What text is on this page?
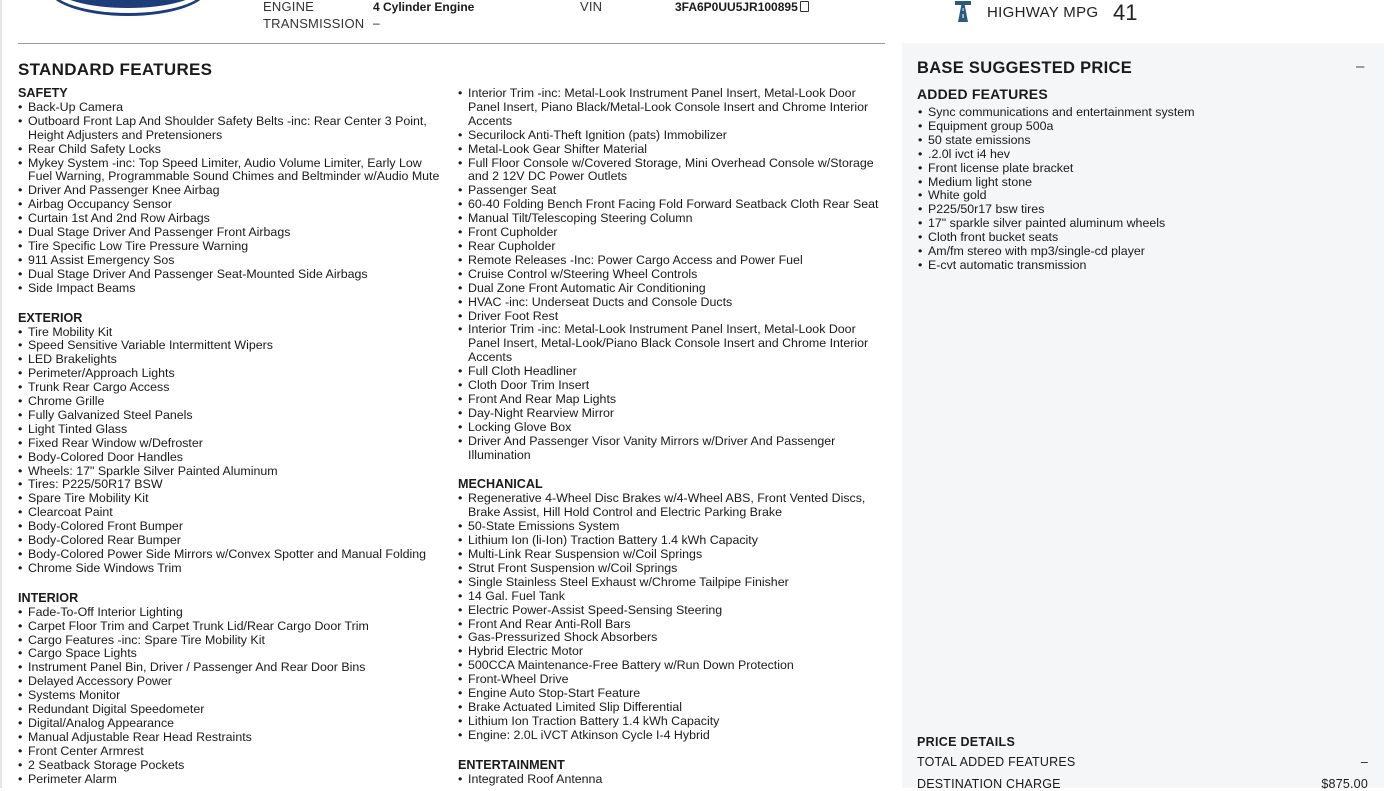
ENGINE	4 Cylinder Engine
TRANSMISSION –
VIN	3FA6P0UU5JR100895	HIGHWAY MPG 41
STANDARD FEATURES
SAFETY
• Back-Up Camera
• Outboard Front Lap And Shoulder Safety Belts -inc: Rear Center 3 Point, Height Adjusters and Pretensioners
• Rear Child Safety Locks
• Mykey System -inc: Top Speed Limiter, Audio Volume Limiter, Early Low Fuel Warning, Programmable Sound Chimes and Beltminder w/Audio Mute
• Driver And Passenger Knee Airbag
• Airbag Occupancy Sensor
• Curtain 1st And 2nd Row Airbags
• Dual Stage Driver And Passenger Front Airbags
• Tire Specific Low Tire Pressure Warning
• 911 Assist Emergency Sos
• Dual Stage Driver And Passenger Seat-Mounted Side Airbags
• Side Impact Beams
EXTERIOR
• Tire Mobility Kit
• Speed Sensitive Variable Intermittent Wipers
• LED Brakelights
• Perimeter/Approach Lights
• Trunk Rear Cargo Access
• Chrome Grille
• Fully Galvanized Steel Panels
• Light Tinted Glass
• Fixed Rear Window w/Defroster
• Body-Colored Door Handles
• Wheels: 17" Sparkle Silver Painted Aluminum
• Tires: P225/50R17 BSW
• Spare Tire Mobility Kit
• Clearcoat Paint
• Body-Colored Front Bumper
• Body-Colored Rear Bumper
• Body-Colored Power Side Mirrors w/Convex Spotter and Manual Folding
• Chrome Side Windows Trim
INTERIOR
• Fade-To-Off Interior Lighting
• Carpet Floor Trim and Carpet Trunk Lid/Rear Cargo Door Trim
• Cargo Features -inc: Spare Tire Mobility Kit
• Cargo Space Lights
• Instrument Panel Bin, Driver / Passenger And Rear Door Bins
• Delayed Accessory Power
• Systems Monitor
• Redundant Digital Speedometer
• Digital/Analog Appearance
• Manual Adjustable Rear Head Restraints
• Front Center Armrest
• 2 Seatback Storage Pockets
• Perimeter Alarm
• Interior Trim -inc: Metal-Look Instrument Panel Insert, Metal-Look Door Panel Insert, Piano Black/Metal-Look Console Insert and Chrome Interior Accents
• Securilock Anti-Theft Ignition (pats) Immobilizer
• Metal-Look Gear Shifter Material
• Full Floor Console w/Covered Storage, Mini Overhead Console w/Storage and 2 12V DC Power Outlets
• Passenger Seat
• 60-40 Folding Bench Front Facing Fold Forward Seatback Cloth Rear Seat
• Manual Tilt/Telescoping Steering Column
• Front Cupholder
• Rear Cupholder
• Remote Releases -Inc: Power Cargo Access and Power Fuel
• Cruise Control w/Steering Wheel Controls
• Dual Zone Front Automatic Air Conditioning
• HVAC -inc: Underseat Ducts and Console Ducts
• Driver Foot Rest
• Interior Trim -inc: Metal-Look Instrument Panel Insert, Metal-Look Door Panel Insert, Metal-Look/Piano Black Console Insert and Chrome Interior Accents
• Full Cloth Headliner
• Cloth Door Trim Insert
• Front And Rear Map Lights
• Day-Night Rearview Mirror
• Locking Glove Box
• Driver And Passenger Visor Vanity Mirrors w/Driver And Passenger Illumination
MECHANICAL
• Regenerative 4-Wheel Disc Brakes w/4-Wheel ABS, Front Vented Discs, Brake Assist, Hill Hold Control and Electric Parking Brake
• 50-State Emissions System
• Lithium Ion (li-Ion) Traction Battery 1.4 kWh Capacity
• Multi-Link Rear Suspension w/Coil Springs
• Strut Front Suspension w/Coil Springs
• Single Stainless Steel Exhaust w/Chrome Tailpipe Finisher
• 14 Gal. Fuel Tank
• Electric Power-Assist Speed-Sensing Steering
• Front And Rear Anti-Roll Bars
• Gas-Pressurized Shock Absorbers
• Hybrid Electric Motor
• 500CCA Maintenance-Free Battery w/Run Down Protection
• Front-Wheel Drive
• Engine Auto Stop-Start Feature
• Brake Actuated Limited Slip Differential
• Lithium Ion Traction Battery 1.4 kWh Capacity
• Engine: 2.0L iVCT Atkinson Cycle I-4 Hybrid
ENTERTAINMENT
• Integrated Roof Antenna
BASE SUGGESTED PRICE	–
ADDED FEATURES
• Sync communications and entertainment system
• Equipment group 500a
• 50 state emissions
• .2.0l ivct i4 hev
• Front license plate bracket
• Medium light stone
• White gold
• P225/50r17 bsw tires
• 17" sparkle silver painted aluminum wheels
• Cloth front bucket seats
• Am/fm stereo with mp3/single-cd player
• E-cvt automatic transmission
PRICE DETAILS
TOTAL ADDED FEATURES	–
DESTINATION CHARGE	$875.00
